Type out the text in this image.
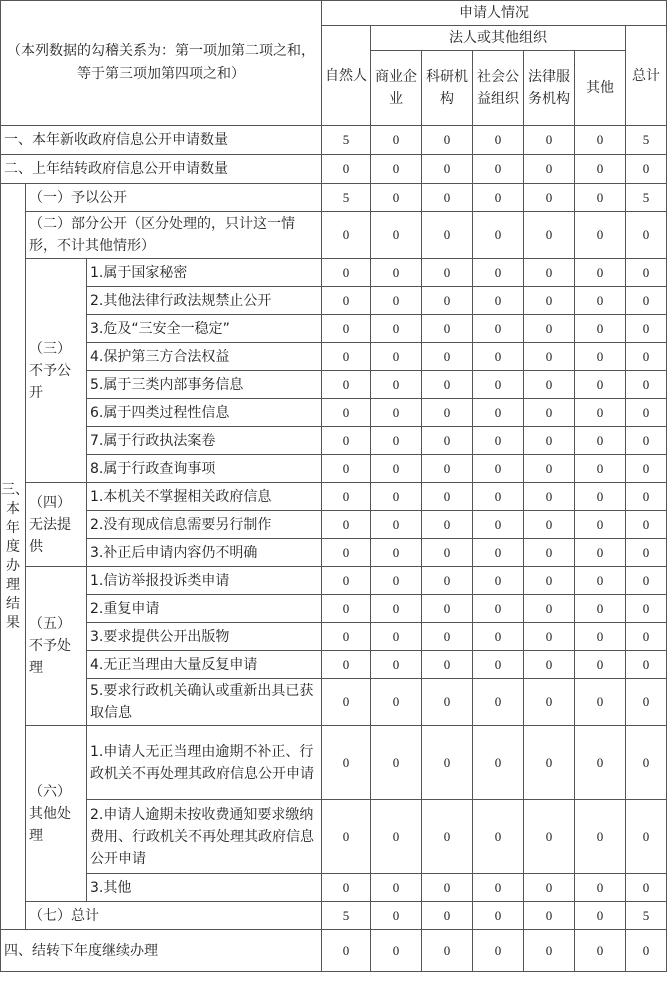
（本列数据的勾稽关系为：第一项加第二项之和，等于第三项加第四项之和）			申请人情况						
			自然人	法人或其他组织					总计
				商业企业	科研机构	社会公益组织	法律服务机构	其他	
一、本年新收政府信息公开申请数量			5	0	0	0	0	0	5
二、上年结转政府信息公开申请数量			0	0	0	0	0	0	0
三、本年度办理结果	（一）予以公开		5	0	0	0	0	0	5
	（二）部分公开（区分处理的，只计这一情形，不计其他情形）		0	0	0	0	0	0	0
	（三）不予公开	1.属于国家秘密	0	0	0	0	0	0	0
		2.其他法律行政法规禁止公开	0	0	0	0	0	0	0
		3.危及“三安全一稳定”	0	0	0	0	0	0	0
		4.保护第三方合法权益	0	0	0	0	0	0	0
		5.属于三类内部事务信息	0	0	0	0	0	0	0
		6.属于四类过程性信息	0	0	0	0	0	0	0
		7.属于行政执法案卷	0	0	0	0	0	0	0
		8.属于行政查询事项	0	0	0	0	0	0	0
	（四）无法提供	1.本机关不掌握相关政府信息	0	0	0	0	0	0	0
		2.没有现成信息需要另行制作	0	0	0	0	0	0	0
		3.补正后申请内容仍不明确	0	0	0	0	0	0	0
	（五）不予处理	1.信访举报投诉类申请	0	0	0	0	0	0	0
		2.重复申请	0	0	0	0	0	0	0
		3.要求提供公开出版物	0	0	0	0	0	0	0
		4.无正当理由大量反复申请	0	0	0	0	0	0	0
		5.要求行政机关确认或重新出具已获取信息	0	0	0	0	0	0	0
	（六）其他处理	1.申请人无正当理由逾期不补正、行政机关不再处理其政府信息公开申请	0	0	0	0	0	0	0
		2.申请人逾期未按收费通知要求缴纳费用、行政机关不再处理其政府信息公开申请	0	0	0	0	0	0	0
		3.其他	0	0	0	0	0	0	0
	（七）总计		5	0	0	0	0	0	5
四、结转下年度继续办理			0	0	0	0	0	0	0
